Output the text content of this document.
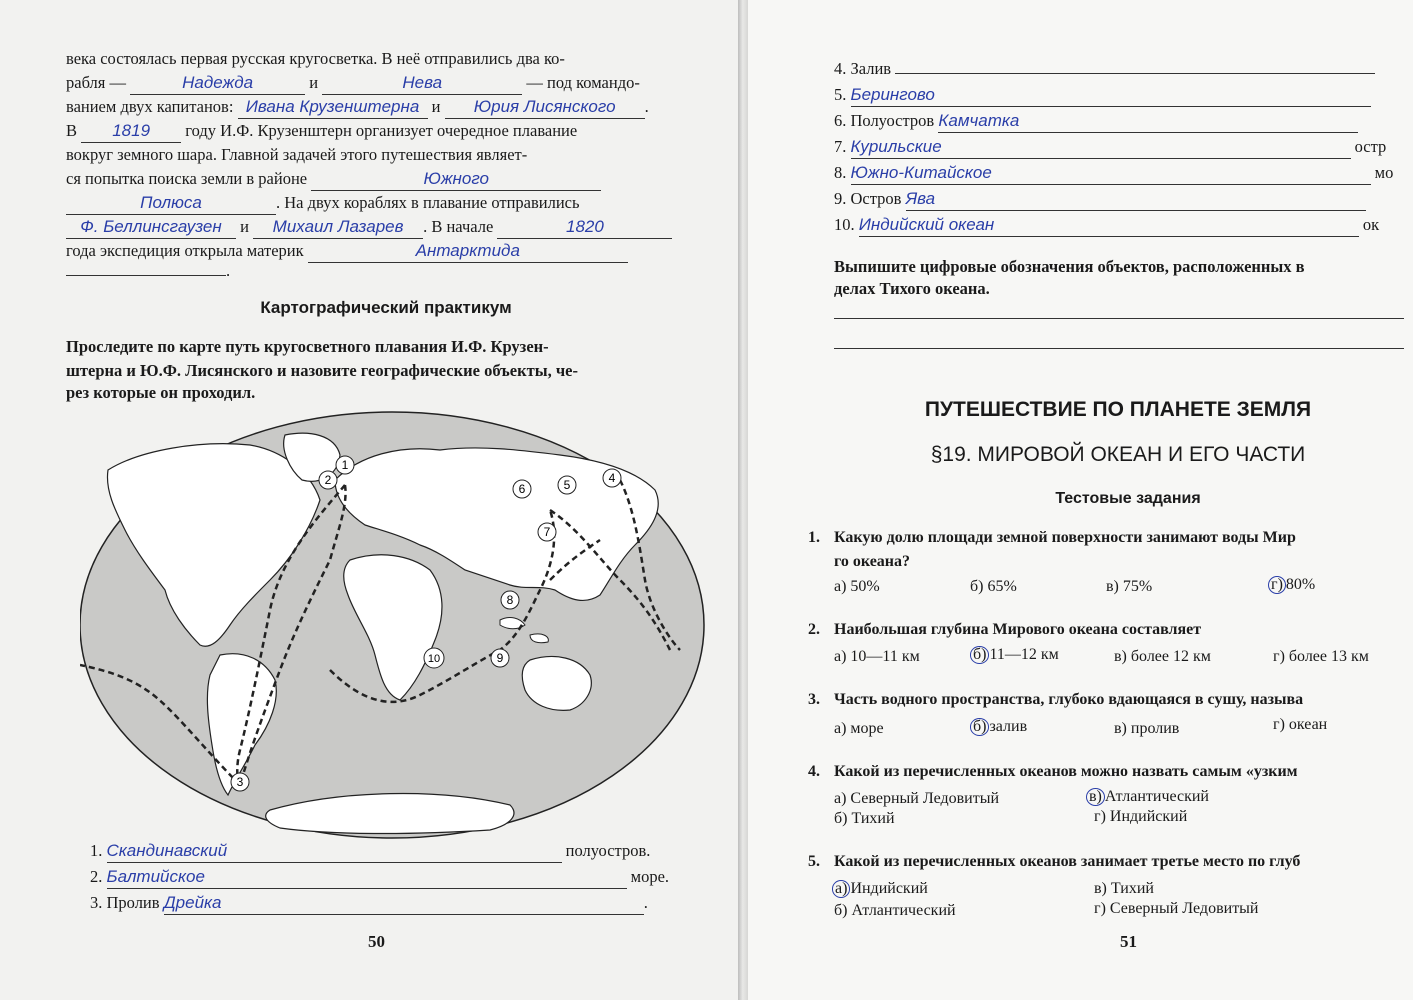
века состоялась первая русская кругосветка. В неё отправились два ко-
рабля —	Надежда	и	Нева	— под командо-
ванием двух капитанов: Ивана Крузенштерна и Юрия Лисянского .
В 1819 году И.Ф. Крузенштерн организует очередное плавание
вокруг земного шара. Главной задачей этого путешествия являет-
ся попытка поиска земли в районе	Южного
Полюса	. На двух кораблях в плавание отправились
Ф. Беллинсгаузен и Михаил Лазарев . В начале	1820
года экспедиция открыла материк	Антарктида
.
Картографический практикум
Проследите по карте путь кругосветного плавания И.Ф. Крузен-
штерна и Ю.Ф. Лисянского и назовите географические объекты, че-
рез которые он проходил.
1
2
3
4
5
6
7
8
9
10
1. Скандинавский	полуостров.
2. Балтийское	море.
3. Пролив Дрейка	.
50
4. Залив
5. Берингово
6. Полуостров Камчатка
7. Курильские	остр
8. Южно-Китайское	мо
9. Остров Ява
10. Индийский океан	ок
Выпишите цифровые обозначения объектов, расположенных в
делах Тихого океана.
ПУТЕШЕСТВИЕ ПО ПЛАНЕТЕ ЗЕМЛЯ
§19. МИРОВОЙ ОКЕАН И ЕГО ЧАСТИ
Тестовые задания
1. Какую долю площади земной поверхности занимают воды Мир
го океана?
а) 50%	б) 65%	в) 75%	г) 80%
2. Наибольшая глубина Мирового океана составляет
а) 10—11 км	б) 11—12 км	в) более 12 км	г) более 13 км
3. Часть водного пространства, глубоко вдающаяся в сушу, называ
а) море	б) залив	в) пролив	г) океан
4. Какой из перечисленных океанов можно назвать самым «узким
а) Северный Ледовитый	в) Атлантический
б) Тихий	г) Индийский
5. Какой из перечисленных океанов занимает третье место по глуб
а) Индийский	в) Тихий
б) Атлантический	г) Северный Ледовитый
51
